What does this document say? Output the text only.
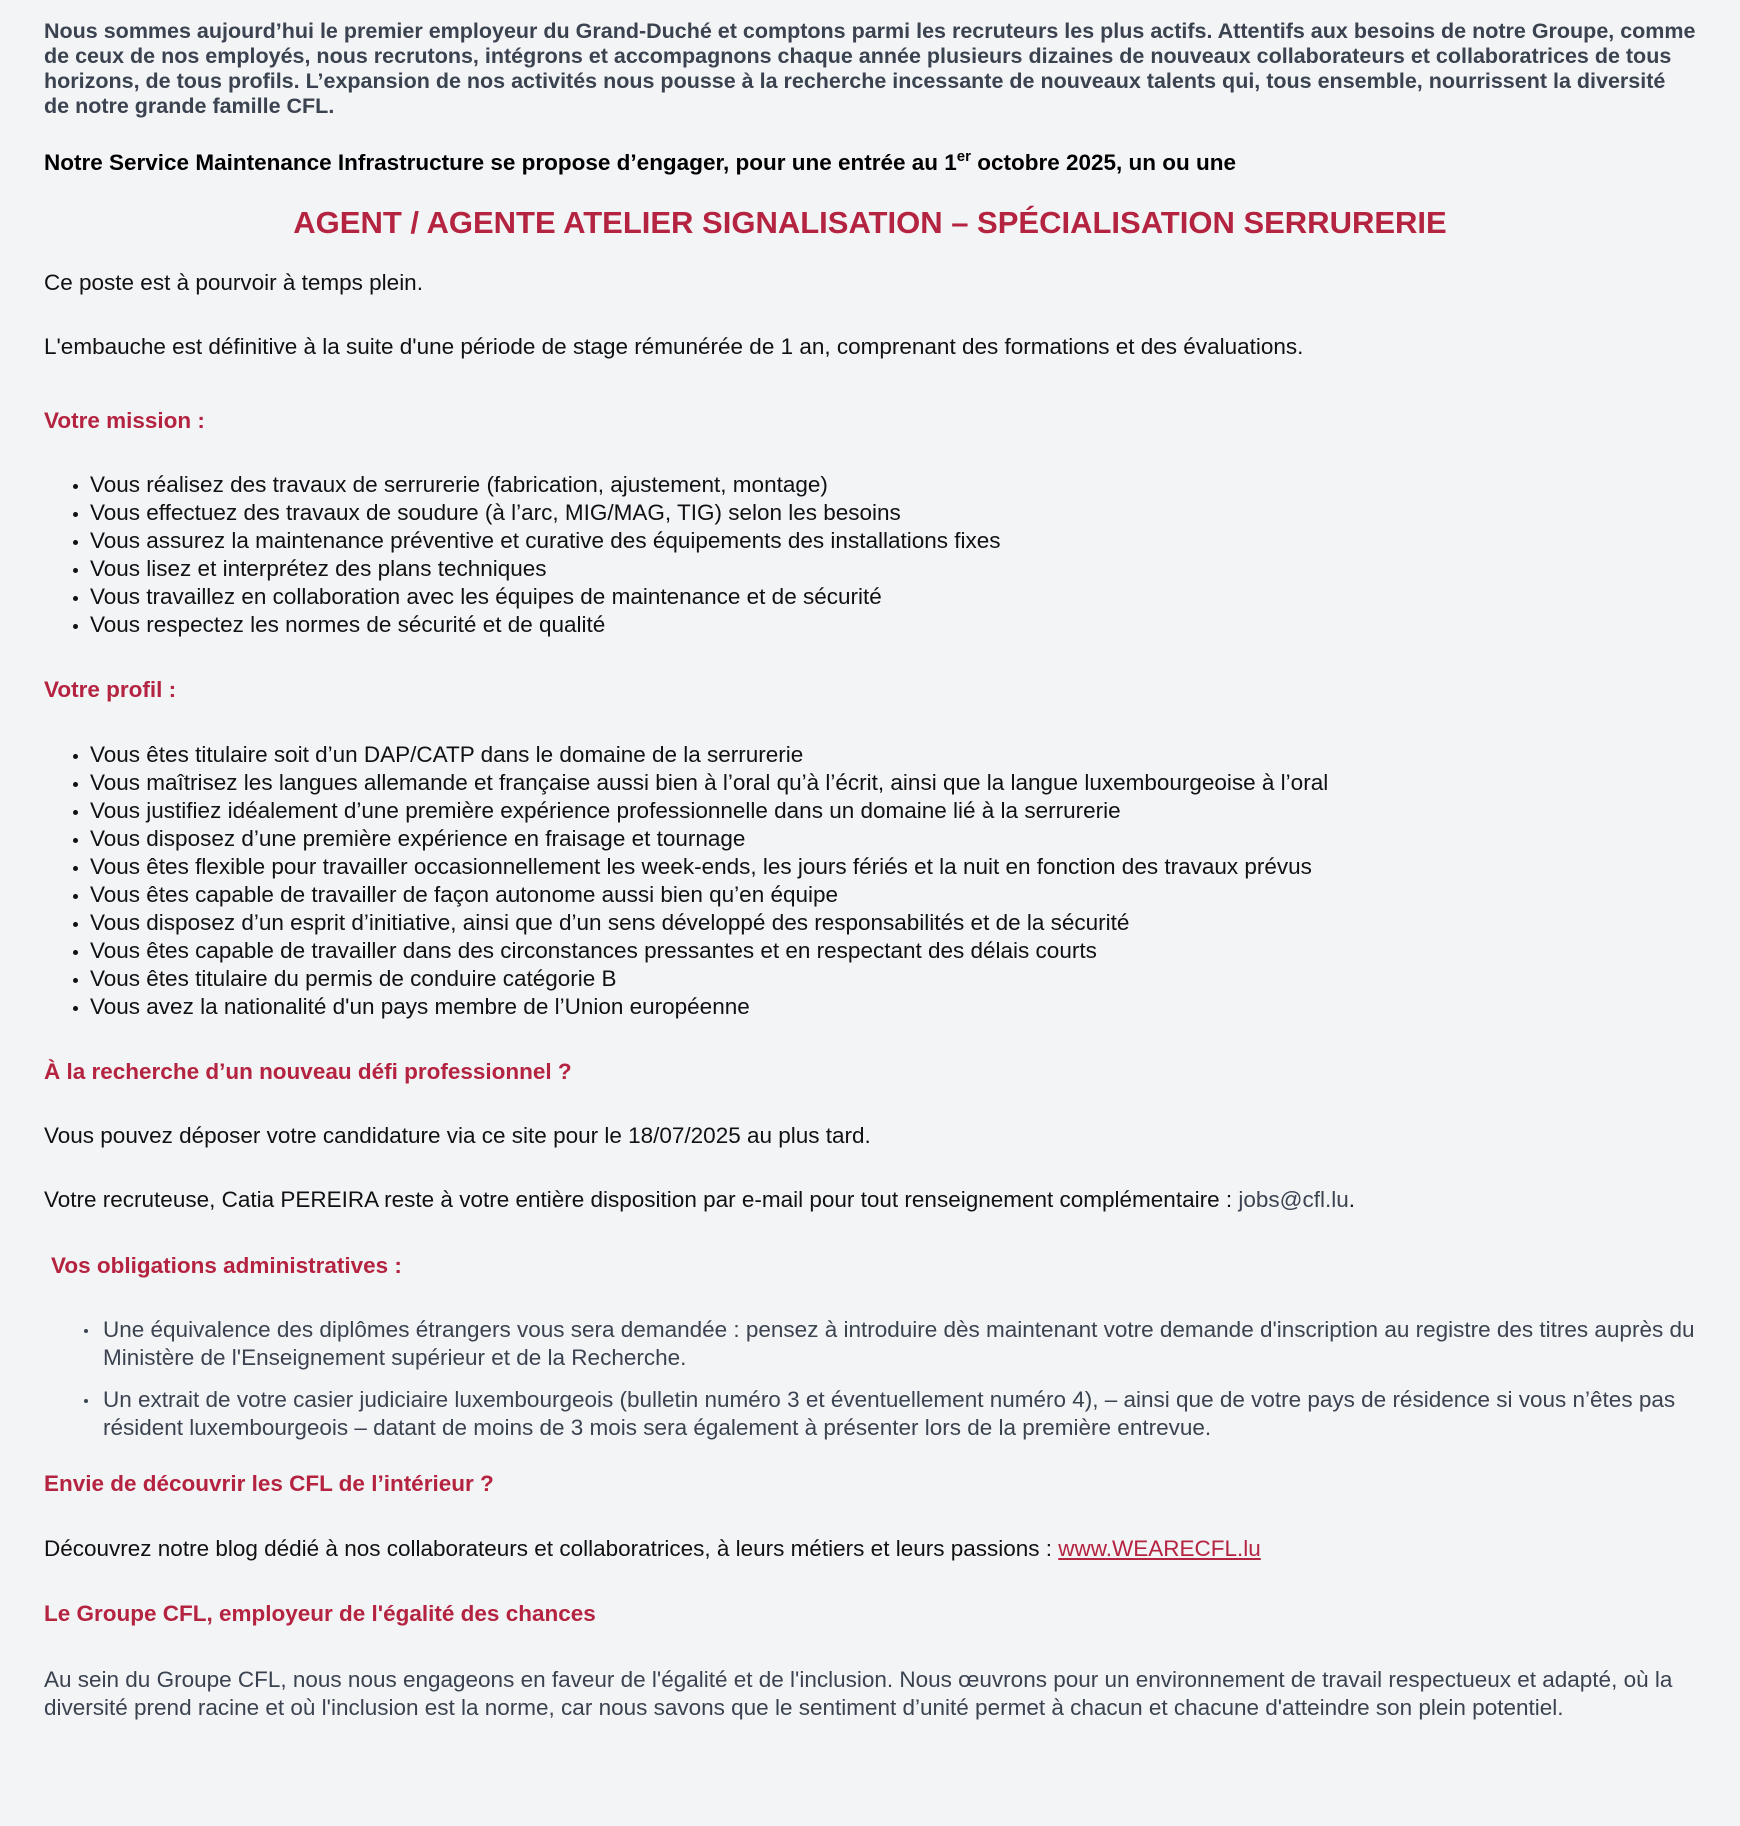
Nous sommes aujourd’hui le premier employeur du Grand-Duché et comptons parmi les recruteurs les plus actifs. Attentifs aux besoins de notre Groupe, comme de ceux de nos employés, nous recrutons, intégrons et accompagnons chaque année plusieurs dizaines de nouveaux collaborateurs et collaboratrices de tous horizons, de tous profils. L’expansion de nos activités nous pousse à la recherche incessante de nouveaux talents qui, tous ensemble, nourrissent la diversité de notre grande famille CFL.

Notre Service Maintenance Infrastructure se propose d’engager, pour une entrée au 1er octobre 2025, un ou une

AGENT / AGENTE ATELIER SIGNALISATION – SPÉCIALISATION SERRURERIE

Ce poste est à pourvoir à temps plein.

L'embauche est définitive à la suite d'une période de stage rémunérée de 1 an, comprenant des formations et des évaluations.

Votre mission :
Vous réalisez des travaux de serrurerie (fabrication, ajustement, montage)
Vous effectuez des travaux de soudure (à l’arc, MIG/MAG, TIG) selon les besoins
Vous assurez la maintenance préventive et curative des équipements des installations fixes
Vous lisez et interprétez des plans techniques
Vous travaillez en collaboration avec les équipes de maintenance et de sécurité
Vous respectez les normes de sécurité et de qualité
Votre profil :
Vous êtes titulaire soit d’un DAP/CATP dans le domaine de la serrurerie
Vous maîtrisez les langues allemande et française aussi bien à l’oral qu’à l’écrit, ainsi que la langue luxembourgeoise à l’oral
Vous justifiez idéalement d’une première expérience professionnelle dans un domaine lié à la serrurerie
Vous disposez d’une première expérience en fraisage et tournage
Vous êtes flexible pour travailler occasionnellement les week-ends, les jours fériés et la nuit en fonction des travaux prévus
Vous êtes capable de travailler de façon autonome aussi bien qu’en équipe
Vous disposez d’un esprit d’initiative, ainsi que d’un sens développé des responsabilités et de la sécurité
Vous êtes capable de travailler dans des circonstances pressantes et en respectant des délais courts
Vous êtes titulaire du permis de conduire catégorie B
Vous avez la nationalité d'un pays membre de l’Union européenne
À la recherche d’un nouveau défi professionnel ?

Vous pouvez déposer votre candidature via ce site pour le 18/07/2025 au plus tard.

Votre recruteuse, Catia PEREIRA reste à votre entière disposition par e-mail pour tout renseignement complémentaire : jobs@cfl.lu.

Vos obligations administratives :
Une équivalence des diplômes étrangers vous sera demandée : pensez à introduire dès maintenant votre demande d'inscription au registre des titres auprès du Ministère de l'Enseignement supérieur et de la Recherche.
Un extrait de votre casier judiciaire luxembourgeois (bulletin numéro 3 et éventuellement numéro 4), – ainsi que de votre pays de résidence si vous n’êtes pas résident luxembourgeois – datant de moins de 3 mois sera également à présenter lors de la première entrevue.
Envie de découvrir les CFL de l’intérieur ?

Découvrez notre blog dédié à nos collaborateurs et collaboratrices, à leurs métiers et leurs passions : www.WEARECFL.lu

Le Groupe CFL, employeur de l'égalité des chances

Au sein du Groupe CFL, nous nous engageons en faveur de l'égalité et de l'inclusion. Nous œuvrons pour un environnement de travail respectueux et adapté, où la diversité prend racine et où l'inclusion est la norme, car nous savons que le sentiment d’unité permet à chacun et chacune d'atteindre son plein potentiel.
